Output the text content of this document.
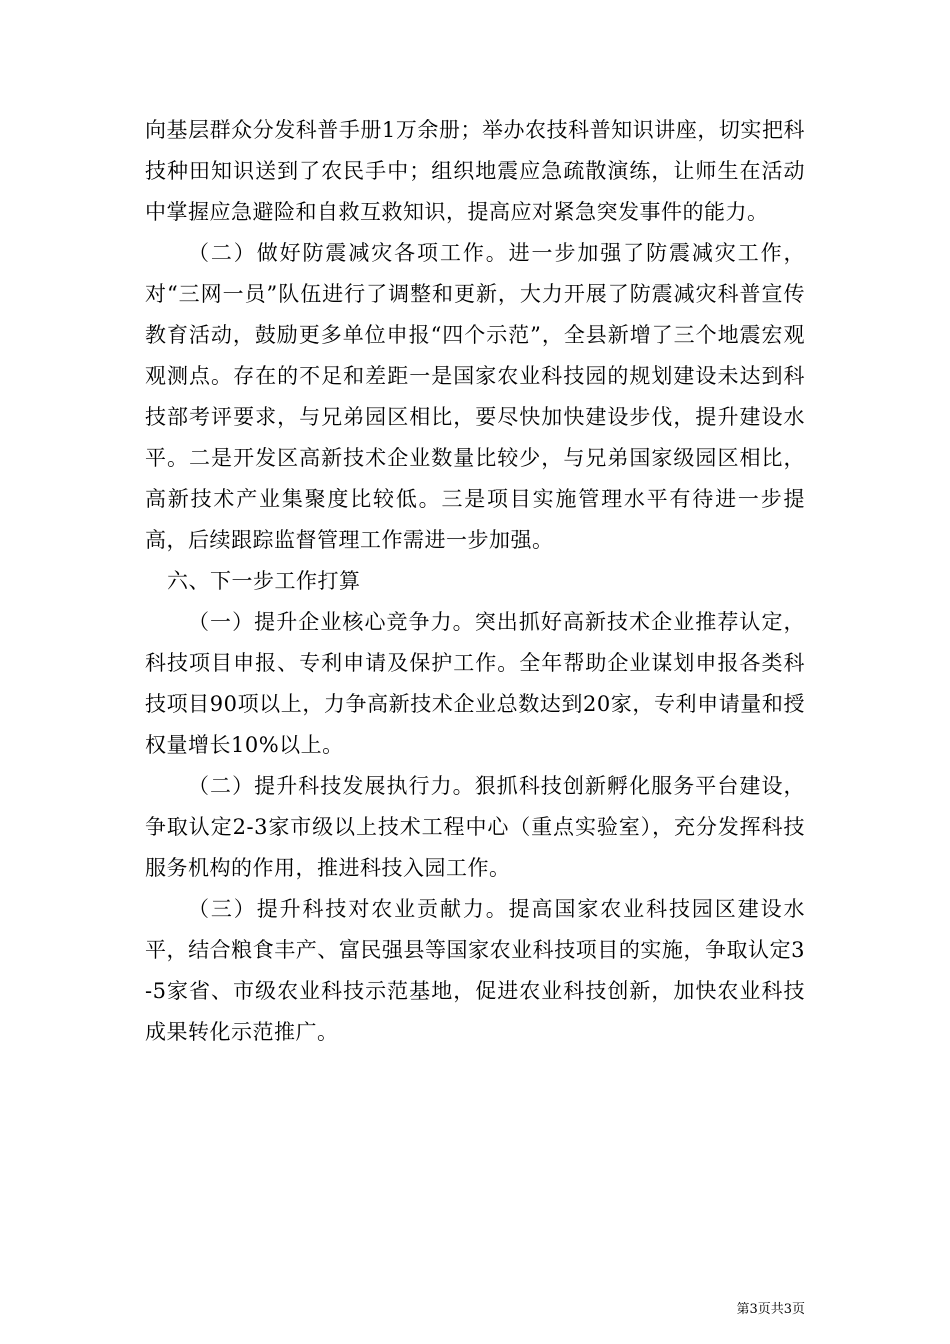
向基层群众分发科普手册1万余册；举办农技科普知识讲座，切实把科技种田知识送到了农民手中；组织地震应急疏散演练，让师生在活动中掌握应急避险和自救互救知识，提高应对紧急突发事件的能力。

（二）做好防震减灾各项工作。进一步加强了防震减灾工作，对“三网一员”队伍进行了调整和更新，大力开展了防震减灾科普宣传教育活动，鼓励更多单位申报“四个示范”，全县新增了三个地震宏观观测点。存在的不足和差距一是国家农业科技园的规划建设未达到科技部考评要求，与兄弟园区相比，要尽快加快建设步伐，提升建设水平。二是开发区高新技术企业数量比较少，与兄弟国家级园区相比，高新技术产业集聚度比较低。三是项目实施管理水平有待进一步提高，后续跟踪监督管理工作需进一步加强。

六、下一步工作打算

（一）提升企业核心竞争力。突出抓好高新技术企业推荐认定，科技项目申报、专利申请及保护工作。全年帮助企业谋划申报各类科技项目90项以上，力争高新技术企业总数达到20家，专利申请量和授权量增长10%以上。

（二）提升科技发展执行力。狠抓科技创新孵化服务平台建设，争取认定2-3家市级以上技术工程中心（重点实验室），充分发挥科技服务机构的作用，推进科技入园工作。

（三）提升科技对农业贡献力。提高国家农业科技园区建设水平，结合粮食丰产、富民强县等国家农业科技项目的实施，争取认定3-5家省、市级农业科技示范基地，促进农业科技创新，加快农业科技成果转化示范推广。

第3页共3页
